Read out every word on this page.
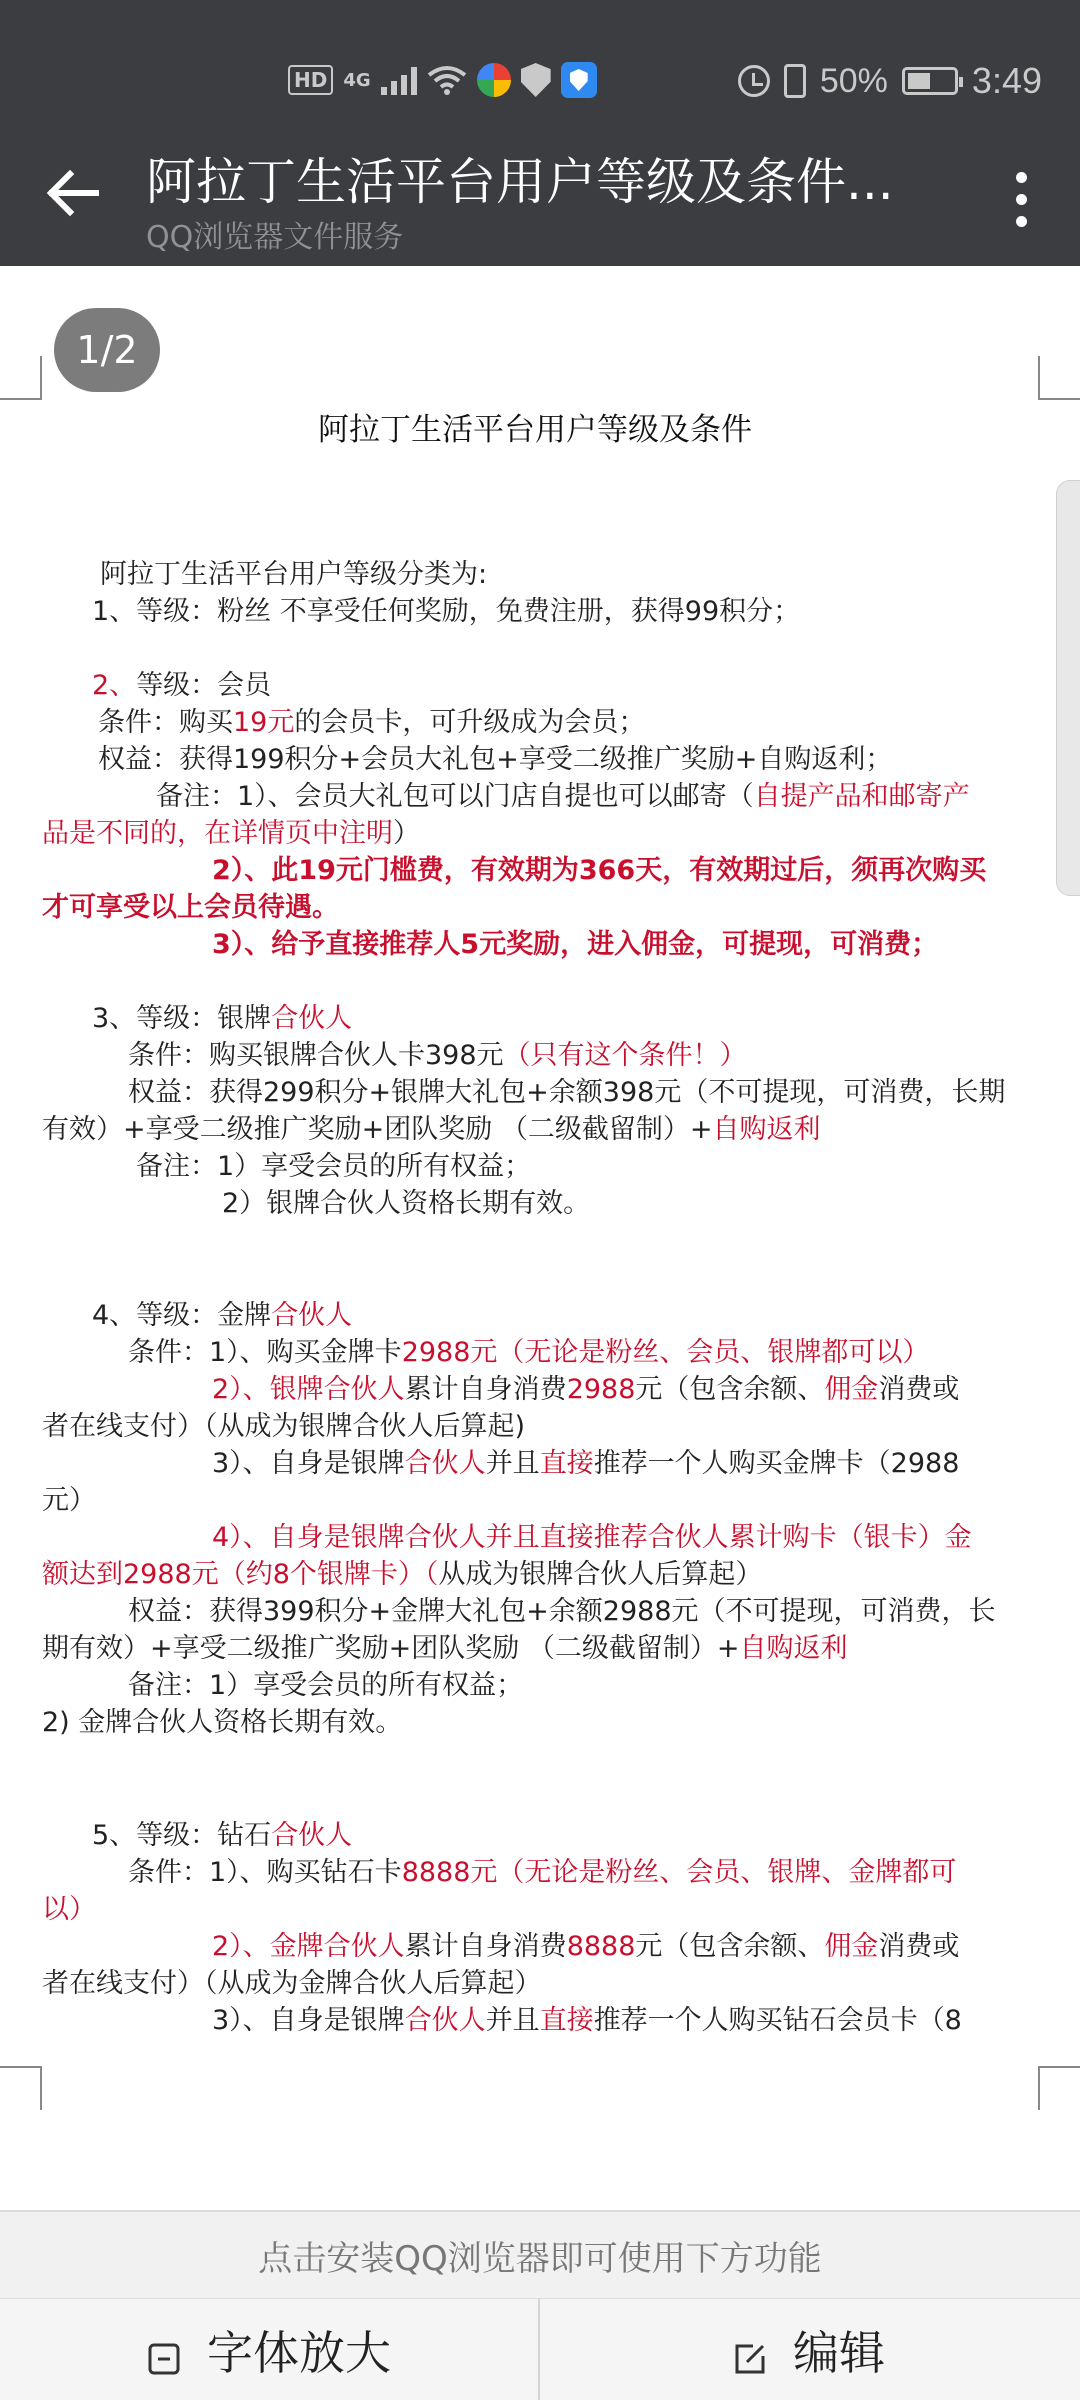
HD 4G	50% 3:49
阿拉丁生活平台用户等级及条件...
QQ浏览器文件服务
阿拉丁生活平台用户等级及条件
阿拉丁生活平台用户等级分类为:
1、等级：粉丝 不享受任何奖励，免费注册，获得99积分；
2、等级：会员
条件：购买19元的会员卡，可升级成为会员；
权益：获得199积分+会员大礼包+享受二级推广奖励+自购返利；
备注：1）、会员大礼包可以门店自提也可以邮寄（自提产品和邮寄产
品是不同的，在详情页中注明）
2）、此19元门槛费，有效期为366天，有效期过后，须再次购买
才可享受以上会员待遇。
3）、给予直接推荐人5元奖励，进入佣金，可提现，可消费；
3、等级：银牌合伙人
条件：购买银牌合伙人卡398元（只有这个条件！）
权益：获得299积分+银牌大礼包+余额398元（不可提现，可消费，长期
有效）+享受二级推广奖励+团队奖励 （二级截留制）+自购返利
备注：1）享受会员的所有权益；
2）银牌合伙人资格长期有效。
4、等级：金牌合伙人
条件：1）、购买金牌卡2988元（无论是粉丝、会员、银牌都可以）
2）、银牌合伙人累计自身消费2988元（包含余额、佣金消费或
者在线支付）（从成为银牌合伙人后算起)
3）、自身是银牌合伙人并且直接推荐一个人购买金牌卡（2988
元）
4）、自身是银牌合伙人并且直接推荐合伙人累计购卡（银卡）金
额达到2988元（约8个银牌卡）（从成为银牌合伙人后算起）
权益：获得399积分+金牌大礼包+余额2988元（不可提现，可消费，长
期有效）+享受二级推广奖励+团队奖励 （二级截留制）+自购返利
备注：1）享受会员的所有权益；
2) 金牌合伙人资格长期有效。
5、等级：钻石合伙人
条件：1）、购买钻石卡8888元（无论是粉丝、会员、银牌、金牌都可
以）
2）、金牌合伙人累计自身消费8888元（包含余额、佣金消费或
者在线支付）（从成为金牌合伙人后算起）
3）、自身是银牌合伙人并且直接推荐一个人购买钻石会员卡（8
1/2
点击安装QQ浏览器即可使用下方功能
字体放大	编辑
